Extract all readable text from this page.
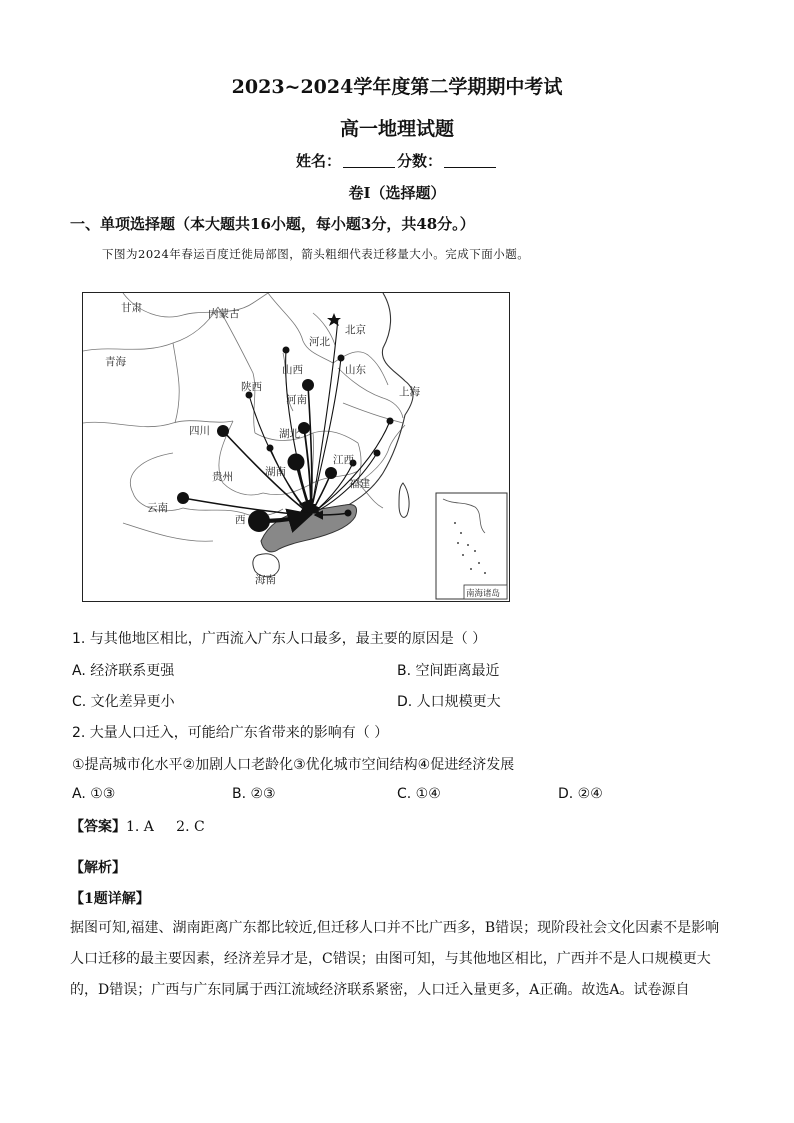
2023~2024学年度第二学期期中考试
高一地理试题
姓名：	分数：
卷Ⅰ（选择题）
一、单项选择题（本大题共16小题，每小题3分，共48分。）
下图为2024年春运百度迁徙局部图，箭头粗细代表迁移量大小。完成下面小题。
甘肃	内蒙古
北京
河北
青海
山西	山东
陕西
河南
上海
四川	湖北
江西
湖南
贵州
福建
云南
西
海南
南海诸岛
1. 与其他地区相比，广西流入广东人口最多，最主要的原因是（ ）
A. 经济联系更强	B. 空间距离最近
C. 文化差异更小	D. 人口规模更大
2. 大量人口迁入，可能给广东省带来的影响有（ ）
①提高城市化水平②加剧人口老龄化③优化城市空间结构④促进经济发展
A. ①③	B. ②③	C. ①④	D. ②④
【答案】1. A     2. C
【解析】
【1题详解】
据图可知,福建、湖南距离广东都比较近,但迁移人口并不比广西多，B错误；现阶段社会文化因素不是影响人口迁移的最主要因素，经济差异才是，C错误；由图可知，与其他地区相比，广西并不是人口规模更大的，D错误；广西与广东同属于西江流域经济联系紧密，人口迁入量更多，A正确。故选A。试卷源自
